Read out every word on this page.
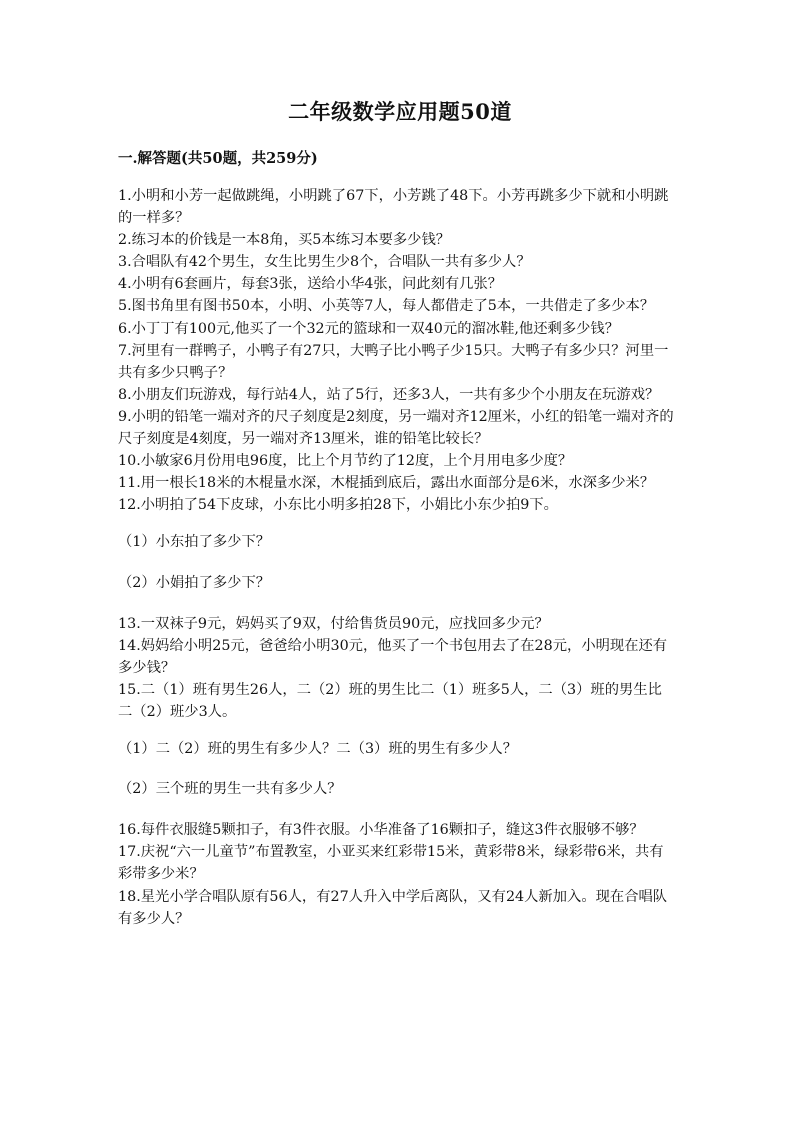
二年级数学应用题50道
一.解答题(共50题，共259分)

1.小明和小芳一起做跳绳，小明跳了67下，小芳跳了48下。小芳再跳多少下就和小明跳的一样多？

2.练习本的价钱是一本8角，买5本练习本要多少钱？

3.合唱队有42个男生，女生比男生少8个，合唱队一共有多少人？

4.小明有6套画片，每套3张，送给小华4张，问此刻有几张？

5.图书角里有图书50本，小明、小英等7人，每人都借走了5本，一共借走了多少本？

6.小丁丁有100元,他买了一个32元的篮球和一双40元的溜冰鞋,他还剩多少钱？

7.河里有一群鸭子，小鸭子有27只，大鸭子比小鸭子少15只。大鸭子有多少只？河里一共有多少只鸭子？

8.小朋友们玩游戏，每行站4人，站了5行，还多3人，一共有多少个小朋友在玩游戏？

9.小明的铅笔一端对齐的尺子刻度是2刻度，另一端对齐12厘米，小红的铅笔一端对齐的尺子刻度是4刻度，另一端对齐13厘米，谁的铅笔比较长？

10.小敏家6月份用电96度，比上个月节约了12度，上个月用电多少度？

11.用一根长18米的木棍量水深，木棍插到底后，露出水面部分是6米，水深多少米？

12.小明拍了54下皮球，小东比小明多拍28下，小娟比小东少拍9下。

（1）小东拍了多少下？

（2）小娟拍了多少下？

13.一双袜子9元，妈妈买了9双，付给售货员90元，应找回多少元？

14.妈妈给小明25元，爸爸给小明30元，他买了一个书包用去了在28元，小明现在还有多少钱？

15.二（1）班有男生26人，二（2）班的男生比二（1）班多5人，二（3）班的男生比二（2）班少3人。

（1）二（2）班的男生有多少人？二（3）班的男生有多少人？

（2）三个班的男生一共有多少人？

16.每件衣服缝5颗扣子，有3件衣服。小华准备了16颗扣子，缝这3件衣服够不够？

17.庆祝“六一儿童节”布置教室，小亚买来红彩带15米，黄彩带8米，绿彩带6米，共有彩带多少米？

18.星光小学合唱队原有56人，有27人升入中学后离队，又有24人新加入。现在合唱队有多少人？
